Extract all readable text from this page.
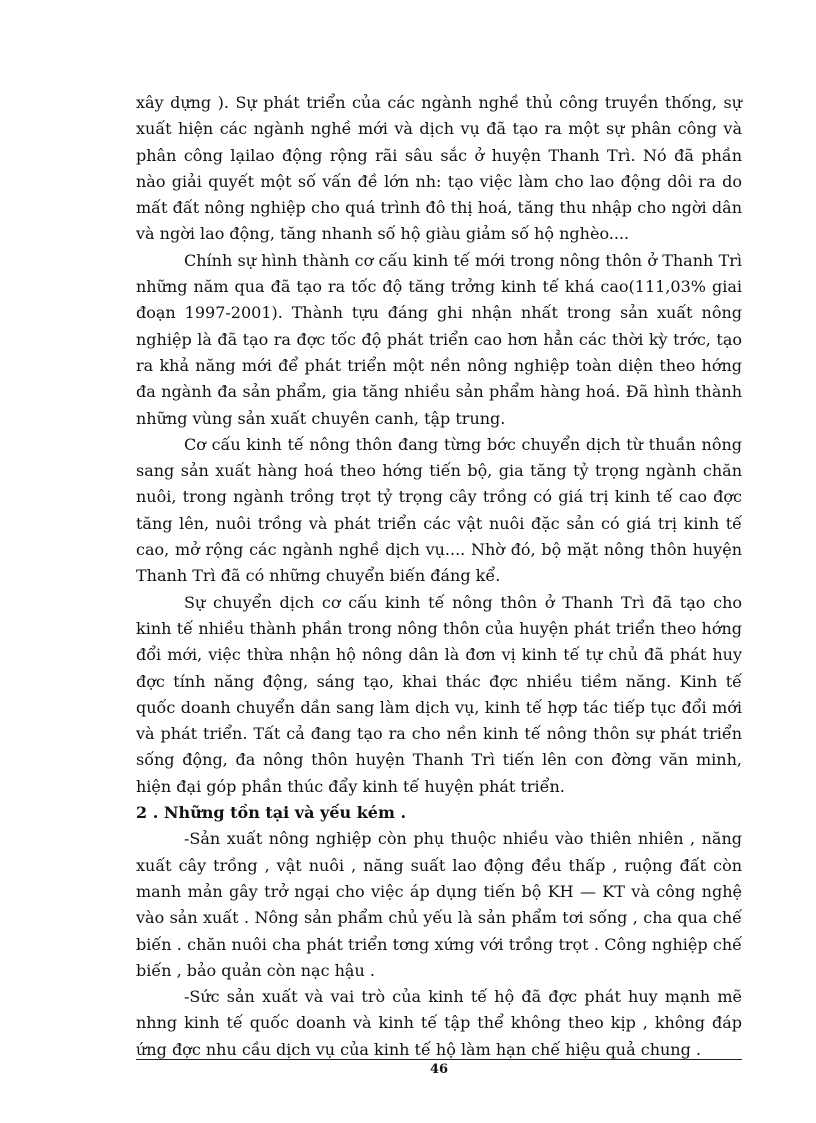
xây dựng ). Sự phát triển của các ngành nghề thủ công truyền thống, sự xuất hiện các ngành nghề mới và dịch vụ đã tạo ra một sự phân công và phân công lạilao động rộng rãi sâu sắc ở huyện Thanh Trì. Nó đã phần nào giải quyết một số vấn đề lớn nh: tạo việc làm cho lao động dôi ra do mất đất nông nghiệp cho quá trình đô thị hoá, tăng thu nhập cho ngời dân và ngời lao động, tăng nhanh số hộ giàu giảm số hộ nghèo....

Chính sự hình thành cơ cấu kinh tế mới trong nông thôn ở Thanh Trì những năm qua đã tạo ra tốc độ tăng trởng kinh tế khá cao(111,03% giai đoạn 1997-2001). Thành tựu đáng ghi nhận nhất trong sản xuất nông nghiệp là đã tạo ra đợc tốc độ phát triển cao hơn hẳn các thời kỳ trớc, tạo ra khả năng mới để phát triển một nền nông nghiệp toàn diện theo hớng đa ngành đa sản phẩm, gia tăng nhiều sản phẩm hàng hoá. Đã hình thành những vùng sản xuất chuyên canh, tập trung.

Cơ cấu kinh tế nông thôn đang từng bớc chuyển dịch từ thuần nông sang sản xuất hàng hoá theo hớng tiến bộ, gia tăng tỷ trọng ngành chăn nuôi, trong ngành trồng trọt tỷ trọng cây trồng có giá trị kinh tế cao đợc tăng lên, nuôi trồng và phát triển các vật nuôi đặc sản có giá trị kinh tế cao, mở rộng các ngành nghề dịch vụ.... Nhờ đó, bộ mặt nông thôn huyện Thanh Trì đã có những chuyển biến đáng kể.

Sự chuyển dịch cơ cấu kinh tế nông thôn ở Thanh Trì đã tạo cho kinh tế nhiều thành phần trong nông thôn của huyện phát triển theo hớng đổi mới, việc thừa nhận hộ nông dân là đơn vị kinh tế tự chủ đã phát huy đợc tính năng động, sáng tạo, khai thác đợc nhiều tiềm năng. Kinh tế quốc doanh chuyển dần sang làm dịch vụ, kinh tế hợp tác tiếp tục đổi mới và phát triển. Tất cả đang tạo ra cho nền kinh tế nông thôn sự phát triển sống động, đa nông thôn huyện Thanh Trì tiến lên con đờng văn minh, hiện đại góp phần thúc đẩy kinh tế huyện phát triển.

2 . Những tồn tại và yếu kém .

-Sản xuất nông nghiệp còn phụ thuộc nhiều vào thiên nhiên , năng xuất cây trồng , vật nuôi , năng suất lao động đều thấp , ruộng đất còn manh mản gây trở ngại cho việc áp dụng tiến bộ KH — KT và công nghệ vào sản xuất . Nông sản phẩm chủ yếu là sản phẩm tơi sống , cha qua chế biến . chăn nuôi cha phát triển tơng xứng với trồng trọt . Công nghiệp chế biến , bảo quản còn nạc hậu .

-Sức sản xuất và vai trò của kinh tế hộ đã đợc phát huy mạnh mẽ nhng kinh tế quốc doanh và kinh tế tập thể không theo kịp , không đáp ứng đợc nhu cầu dịch vụ của kinh tế hộ làm hạn chế hiệu quả chung .

46
